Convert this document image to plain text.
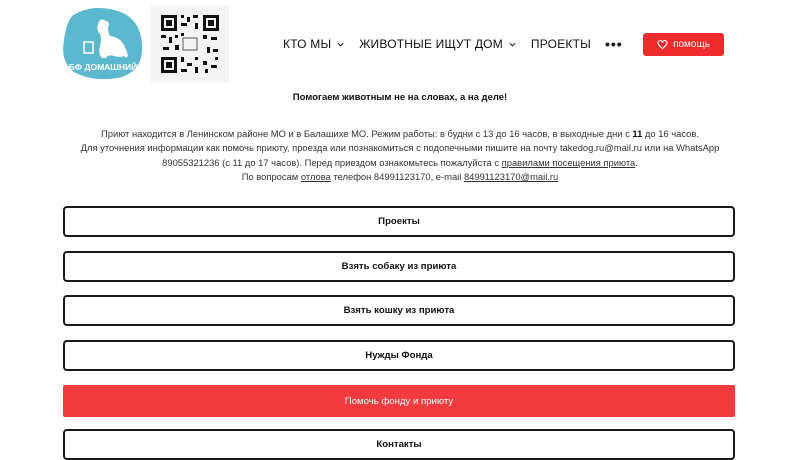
БФ ДОМАШНИЙ
КТО МЫ ЖИВОТНЫЕ ИЩУТ ДОМ ПРОЕКТЫ •••	помощь
Помогаем животным не на словах, а на деле!
Приют находится в Ленинском районе МО и в Балашихе МО. Режим работы: в будни с 13 до 16 часов, в выходные дни с 11 до 16 часов.
Для уточнения информации как помочь приюту, проезда или познакомиться с подопечными пишите на почту takedog.ru@mail.ru или на WhatsApp
89055321236 (с 11 до 17 часов). Перед приездом ознакомьтесь пожалуйста с правилами посещения приюта.
По вопросам отлова телефон 84991123170, e-mail 84991123170@mail.ru
Проекты
Взять собаку из приюта
Взять кошку из приюта
Нужды Фонда
Помочь фонду и приюту
Контакты
